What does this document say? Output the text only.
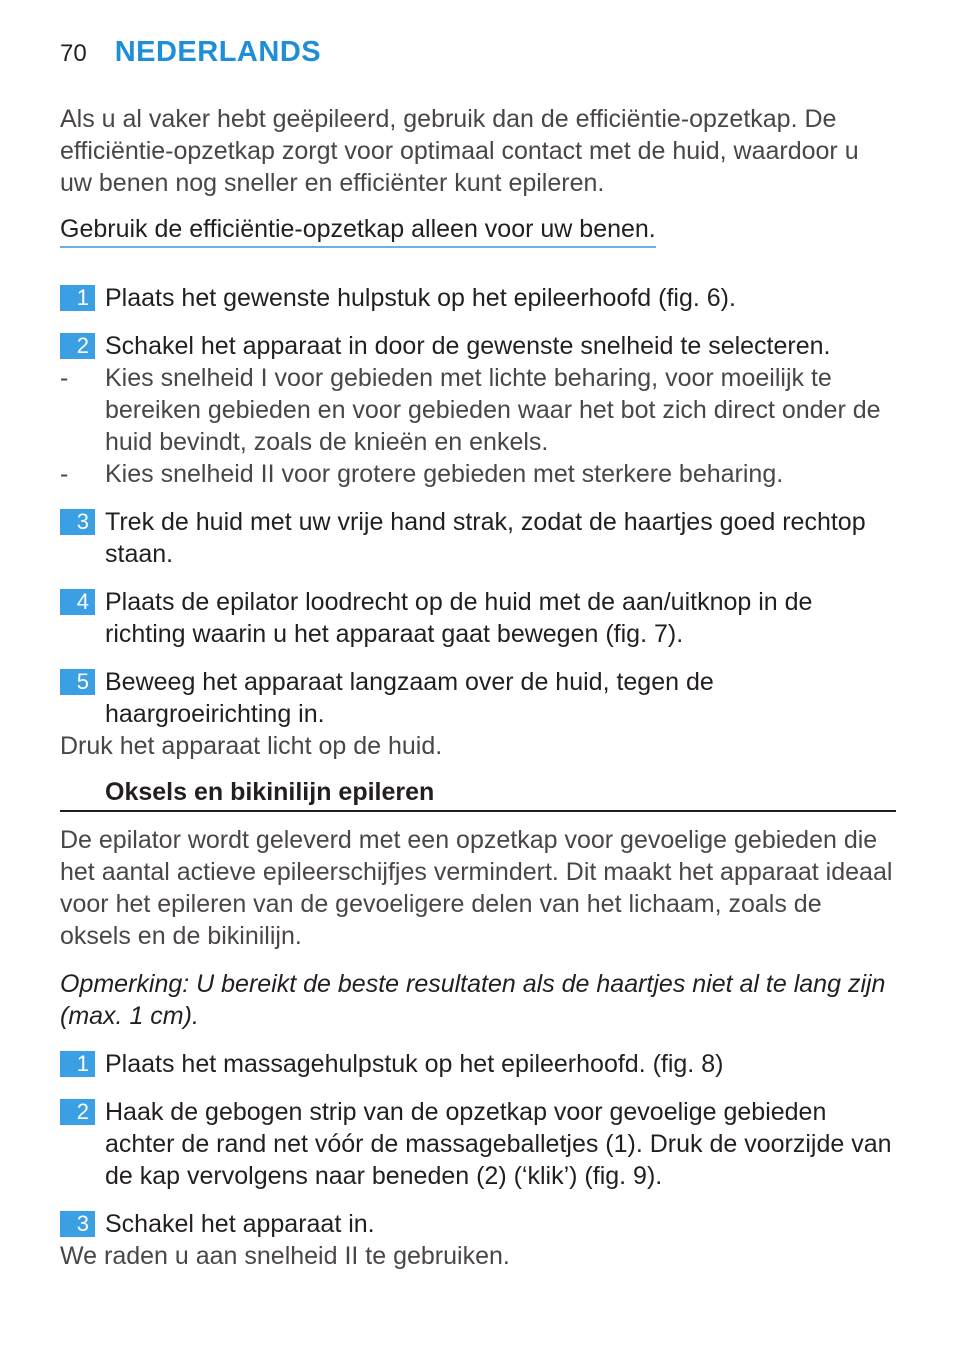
70 NEDERLANDS

Als u al vaker hebt geëpileerd, gebruik dan de efficiëntie-opzetkap. De efficiëntie-opzetkap zorgt voor optimaal contact met de huid, waardoor u uw benen nog sneller en efficiënter kunt epileren.

Gebruik de efficiëntie-opzetkap alleen voor uw benen.
1 Plaats het gewenste hulpstuk op het epileerhoofd (fig. 6).
2 Schakel het apparaat in door de gewenste snelheid te selecteren.
-	Kies snelheid I voor gebieden met lichte beharing, voor moeilijk te bereiken gebieden en voor gebieden waar het bot zich direct onder de huid bevindt, zoals de knieën en enkels.
-	Kies snelheid II voor grotere gebieden met sterkere beharing.
3 Trek de huid met uw vrije hand strak, zodat de haartjes goed rechtop staan.
4 Plaats de epilator loodrecht op de huid met de aan/uitknop in de richting waarin u het apparaat gaat bewegen (fig. 7).
5 Beweeg het apparaat langzaam over de huid, tegen de haargroeirichting in.

Druk het apparaat licht op de huid.

Oksels en bikinilijn epileren

De epilator wordt geleverd met een opzetkap voor gevoelige gebieden die het aantal actieve epileerschijfjes vermindert. Dit maakt het apparaat ideaal voor het epileren van de gevoeligere delen van het lichaam, zoals de oksels en de bikinilijn.

Opmerking: U bereikt de beste resultaten als de haartjes niet al te lang zijn (max. 1 cm).

1 Plaats het massagehulpstuk op het epileerhoofd. (fig. 8)
2 Haak de gebogen strip van de opzetkap voor gevoelige gebieden achter de rand net vóór de massageballetjes (1). Druk de voorzijde van de kap vervolgens naar beneden (2) (‘klik’) (fig. 9).
3 Schakel het apparaat in.

We raden u aan snelheid II te gebruiken.
